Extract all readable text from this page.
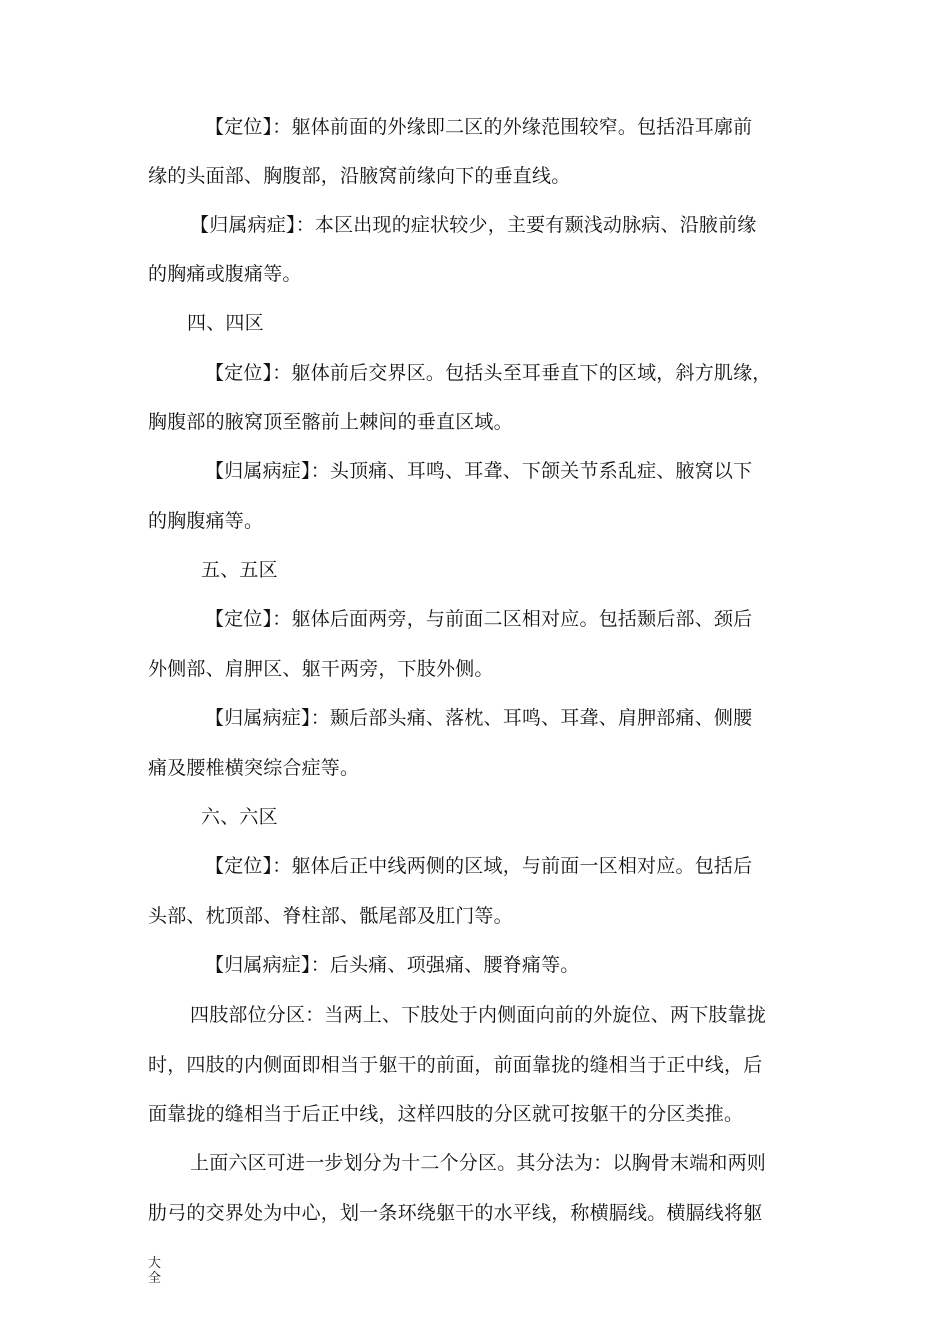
【定位】：躯体前面的外缘即二区的外缘范围较窄。包括沿耳廓前
缘的头面部、胸腹部，沿腋窝前缘向下的垂直线。
【归属病症】：本区出现的症状较少，主要有颞浅动脉病、沿腋前缘
的胸痛或腹痛等。
四、四区
【定位】：躯体前后交界区。包括头至耳垂直下的区域，斜方肌缘，
胸腹部的腋窝顶至髂前上棘间的垂直区域。
【归属病症】：头顶痛、耳鸣、耳聋、下颌关节系乱症、腋窝以下
的胸腹痛等。
五、五区
【定位】：躯体后面两旁，与前面二区相对应。包括颞后部、颈后
外侧部、肩胛区、躯干两旁，下肢外侧。
【归属病症】：颞后部头痛、落枕、耳鸣、耳聋、肩胛部痛、侧腰
痛及腰椎横突综合症等。
六、六区
【定位】：躯体后正中线两侧的区域，与前面一区相对应。包括后
头部、枕顶部、脊柱部、骶尾部及肛门等。
【归属病症】：后头痛、项强痛、腰脊痛等。
四肢部位分区：当两上、下肢处于内侧面向前的外旋位、两下肢靠拢
时，四肢的内侧面即相当于躯干的前面，前面靠拢的缝相当于正中线，后
面靠拢的缝相当于后正中线，这样四肢的分区就可按躯干的分区类推。
上面六区可进一步划分为十二个分区。其分法为：以胸骨末端和两则
肋弓的交界处为中心，划一条环绕躯干的水平线，称横膈线。横膈线将躯
大
全
